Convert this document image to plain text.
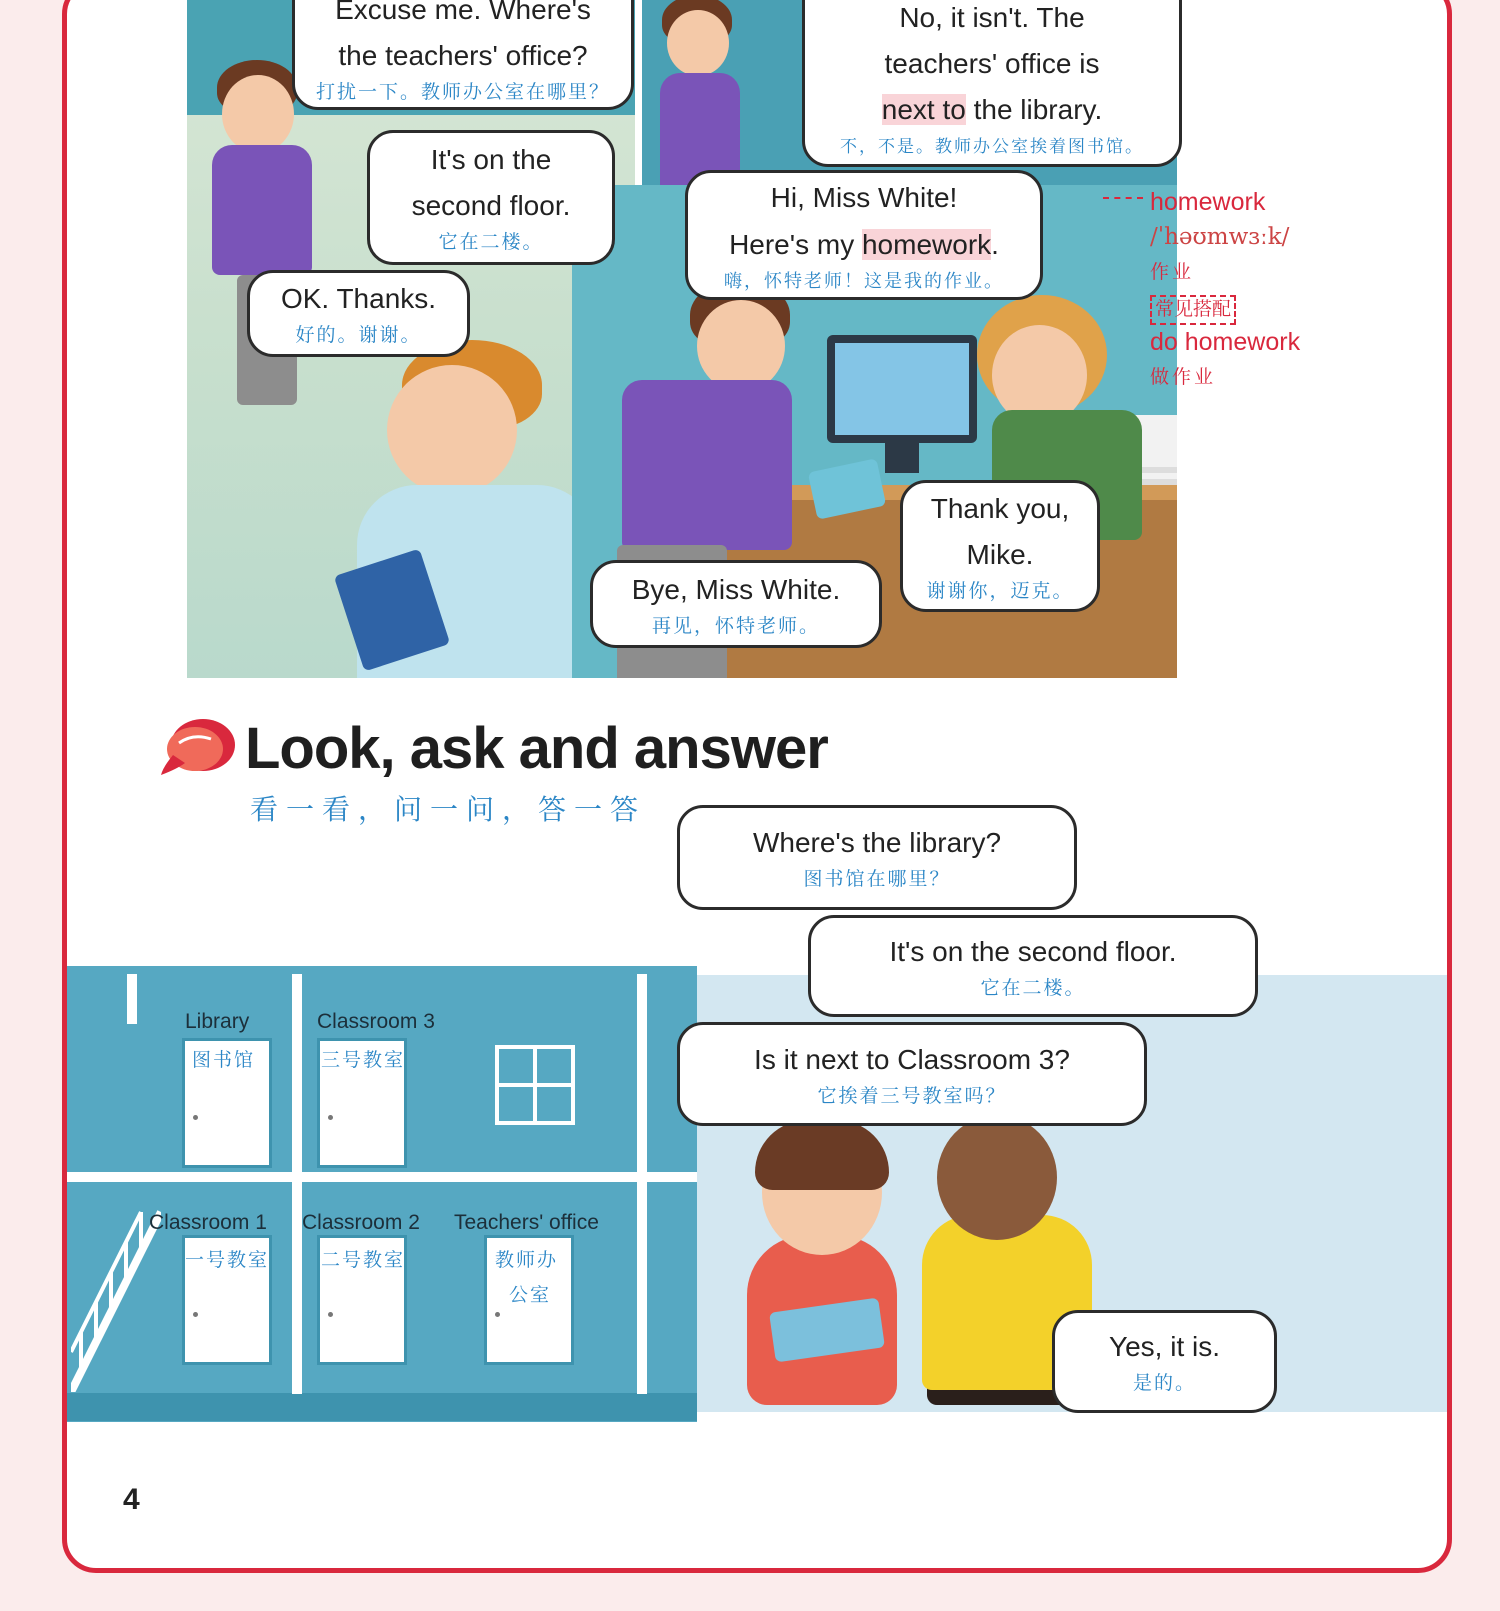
Excuse me. Where's
the teachers' office?
打扰一下。教师办公室在哪里？
It's on the
second floor.
它在二楼。
OK. Thanks.
好的。谢谢。
No, it isn't. The
teachers' office is
next to the library.
不，不是。教师办公室挨着图书馆。
Hi, Miss White!
Here's my homework.
嗨，怀特老师！这是我的作业。
Thank you,
Mike.
谢谢你，迈克。
Bye, Miss White.
再见，怀特老师。
homework
/ˈhəʊmwɜːk/
作业
常见搭配
do homework
做作业
Look, ask and answer
看一看，问一问，答一答
Library
图书馆
Classroom 3
三号教室
Classroom 1
一号教室
Classroom 2
二号教室
Teachers' office
教师办
公室
Where's the library?
图书馆在哪里？
It's on the second floor.
它在二楼。
Is it next to Classroom 3?
它挨着三号教室吗？
Yes, it is.
是的。
4
